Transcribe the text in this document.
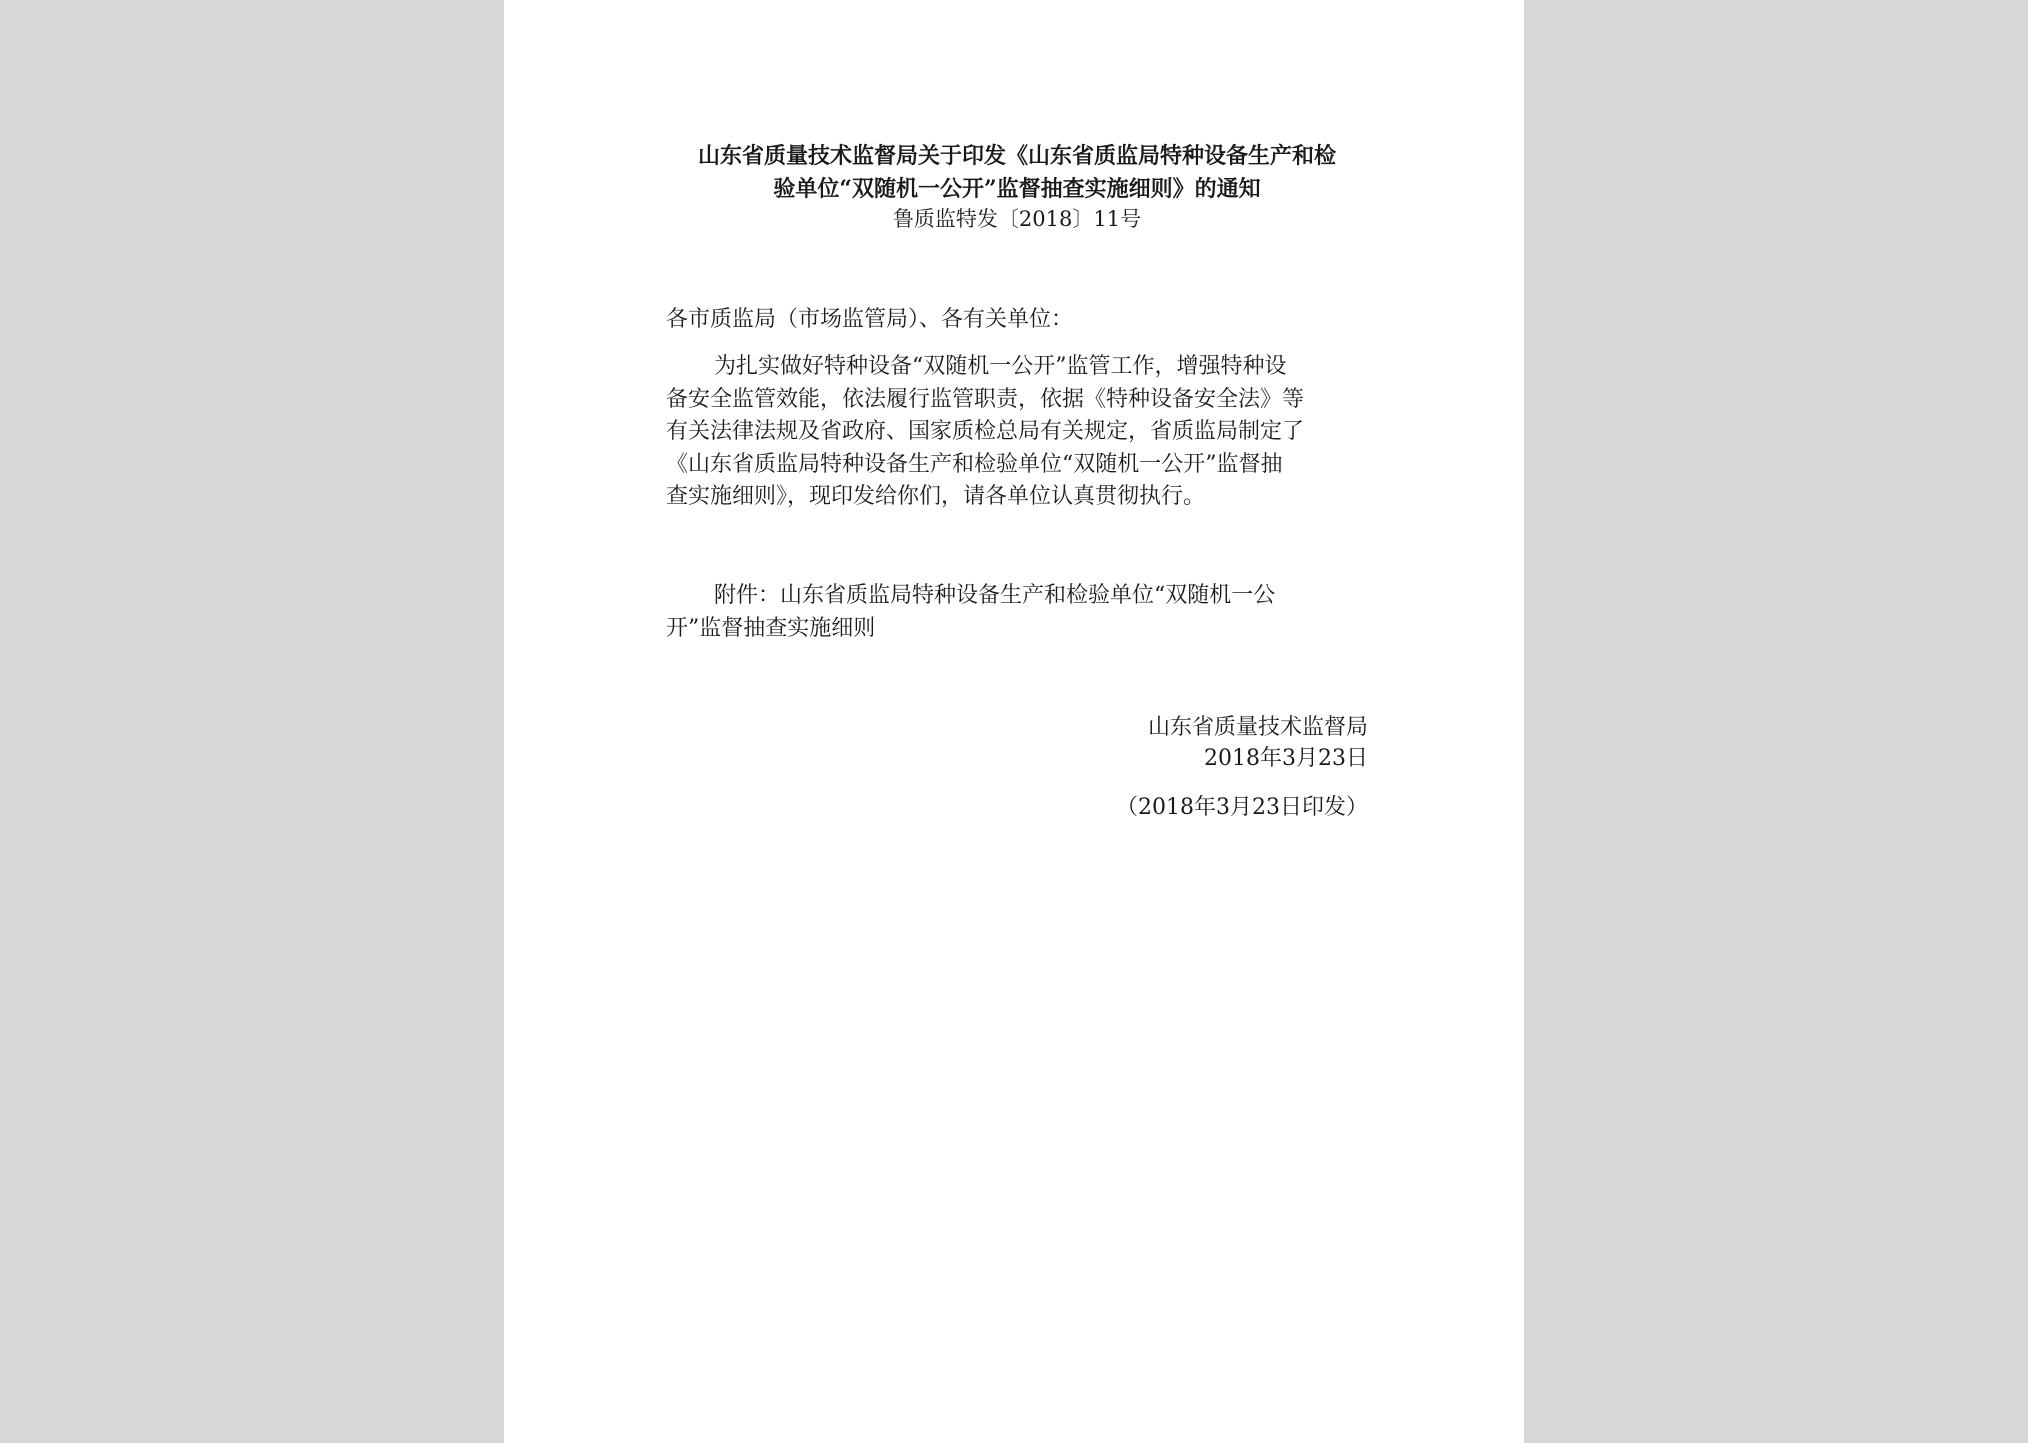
山东省质量技术监督局关于印发《山东省质监局特种设备生产和检
验单位“双随机一公开”监督抽查实施细则》的通知
鲁质监特发〔2018〕11号
各市质监局（市场监管局）、各有关单位：
为扎实做好特种设备“双随机一公开”监管工作，增强特种设
备安全监管效能，依法履行监管职责，依据《特种设备安全法》等
有关法律法规及省政府、国家质检总局有关规定，省质监局制定了
《山东省质监局特种设备生产和检验单位“双随机一公开”监督抽
查实施细则》，现印发给你们，请各单位认真贯彻执行。
附件：山东省质监局特种设备生产和检验单位“双随机一公
开”监督抽查实施细则
山东省质量技术监督局
2018年3月23日
（2018年3月23日印发）
